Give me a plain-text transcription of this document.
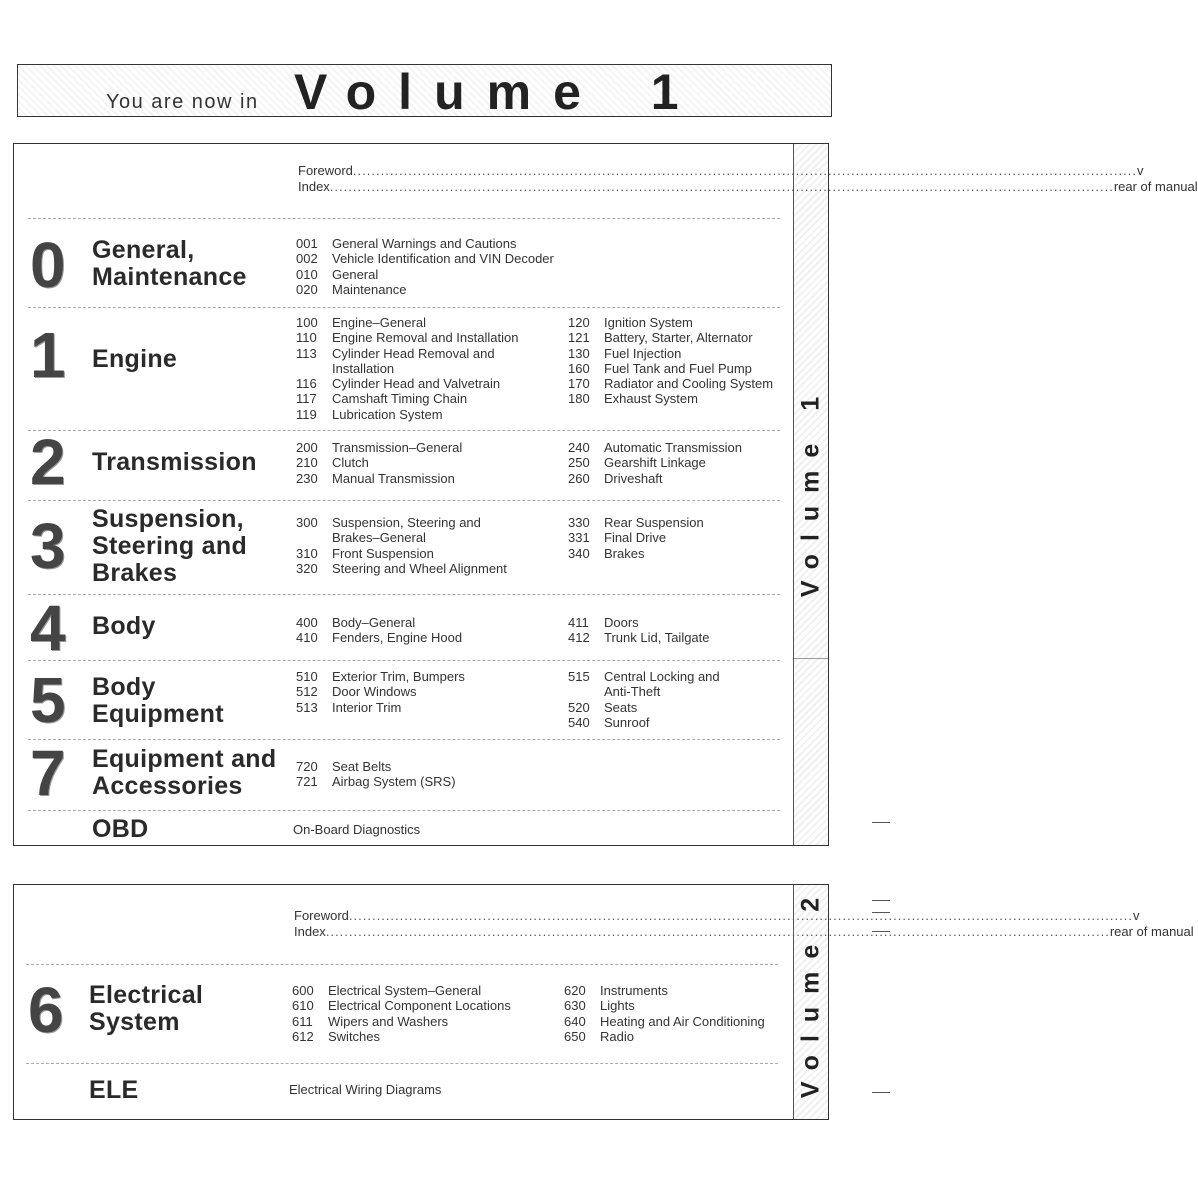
You are now in Volume 1
Volume 1
Foreword .......................................................................................................................................................................... v
Index .......................................................................................................................................................................... rear of manual
0 General,
Maintenance
001	General Warnings and Cautions
002	Vehicle Identification and VIN Decoder
010	General
020	Maintenance
1 Engine
100	Engine–General
110	Engine Removal and Installation
113	Cylinder Head Removal and
Installation
116	Cylinder Head and Valvetrain
117	Camshaft Timing Chain
119	Lubrication System
120	Ignition System
121	Battery, Starter, Alternator
130	Fuel Injection
160	Fuel Tank and Fuel Pump
170	Radiator and Cooling System
180	Exhaust System
2 Transmission
200	Transmission–General
210	Clutch
230	Manual Transmission
240	Automatic Transmission
250	Gearshift Linkage
260	Driveshaft
3 Suspension,
Steering and
Brakes
300	Suspension, Steering and
Brakes–General
310	Front Suspension
320	Steering and Wheel Alignment
330	Rear Suspension
331	Final Drive
340	Brakes
4 Body	400	Body–General
410	Fenders, Engine Hood
411	Doors
412	Trunk Lid, Tailgate
5 Body
Equipment
510	Exterior Trim, Bumpers
512	Door Windows
513	Interior Trim
515	Central Locking and
Anti-Theft
520	Seats
540	Sunroof
7 Equipment and
Accessories
720	Seat Belts
721	Airbag System (SRS)
OBD	On-Board Diagnostics
Volume 2
Foreword .......................................................................................................................................................................... v
Index .......................................................................................................................................................................... rear of manual
6 Electrical
System
600	Electrical System–General
610	Electrical Component Locations
611	Wipers and Washers
612	Switches
620	Instruments
630	Lights
640	Heating and Air Conditioning
650	Radio
ELE	Electrical Wiring Diagrams
